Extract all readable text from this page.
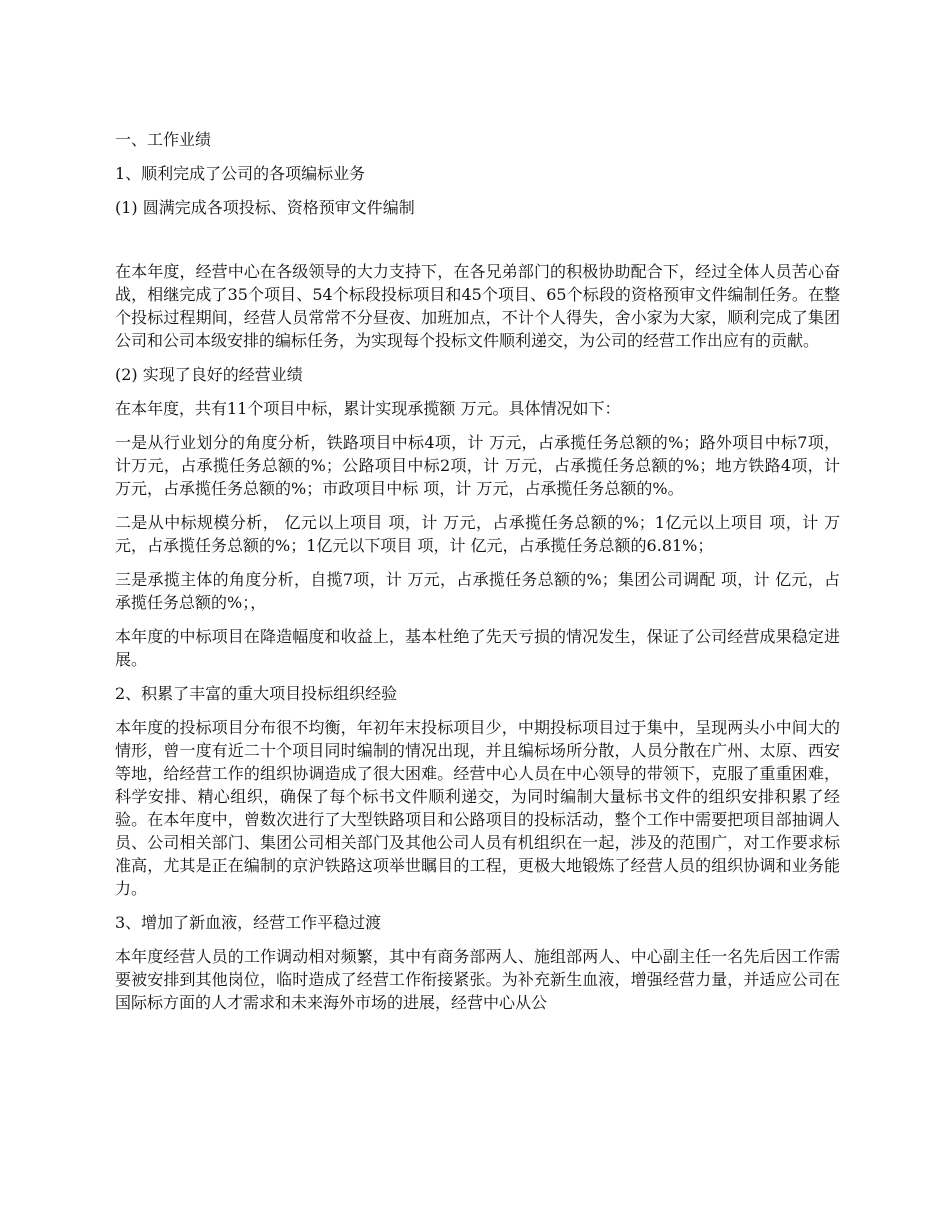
一、工作业绩

1、顺利完成了公司的各项编标业务

(1) 圆满完成各项投标、资格预审文件编制

在本年度，经营中心在各级领导的大力支持下，在各兄弟部门的积极协助配合下，经过全体人员苦心奋战，相继完成了35个项目、54个标段投标项目和45个项目、65个标段的资格预审文件编制任务。在整个投标过程期间，经营人员常常不分昼夜、加班加点，不计个人得失，舍小家为大家，顺利完成了集团公司和公司本级安排的编标任务，为实现每个投标文件顺利递交，为公司的经营工作出应有的贡献。

(2) 实现了良好的经营业绩

在本年度，共有11个项目中标，累计实现承揽额 万元。具体情况如下：

一是从行业划分的角度分析，铁路项目中标4项，计 万元，占承揽任务总额的%；路外项目中标7项，计万元，占承揽任务总额的%；公路项目中标2项，计 万元，占承揽任务总额的%；地方铁路4项，计 万元，占承揽任务总额的%；市政项目中标 项，计 万元，占承揽任务总额的%。

二是从中标规模分析， 亿元以上项目 项，计 万元，占承揽任务总额的%；1亿元以上项目 项，计 万元，占承揽任务总额的%；1亿元以下项目 项，计 亿元，占承揽任务总额的6.81%；

三是承揽主体的角度分析，自揽7项，计 万元，占承揽任务总额的%；集团公司调配 项，计 亿元，占承揽任务总额的%；，

本年度的中标项目在降造幅度和收益上，基本杜绝了先天亏损的情况发生，保证了公司经营成果稳定进展。

2、积累了丰富的重大项目投标组织经验

本年度的投标项目分布很不均衡，年初年末投标项目少，中期投标项目过于集中，呈现两头小中间大的情形，曾一度有近二十个项目同时编制的情况出现，并且编标场所分散，人员分散在广州、太原、西安等地，给经营工作的组织协调造成了很大困难。经营中心人员在中心领导的带领下，克服了重重困难，科学安排、精心组织，确保了每个标书文件顺利递交，为同时编制大量标书文件的组织安排积累了经验。在本年度中，曾数次进行了大型铁路项目和公路项目的投标活动，整个工作中需要把项目部抽调人员、公司相关部门、集团公司相关部门及其他公司人员有机组织在一起，涉及的范围广，对工作要求标准高，尤其是正在编制的京沪铁路这项举世瞩目的工程，更极大地锻炼了经营人员的组织协调和业务能力。

3、增加了新血液，经营工作平稳过渡

本年度经营人员的工作调动相对频繁，其中有商务部两人、施组部两人、中心副主任一名先后因工作需要被安排到其他岗位，临时造成了经营工作衔接紧张。为补充新生血液，增强经营力量，并适应公司在国际标方面的人才需求和未来海外市场的进展，经营中心从公
